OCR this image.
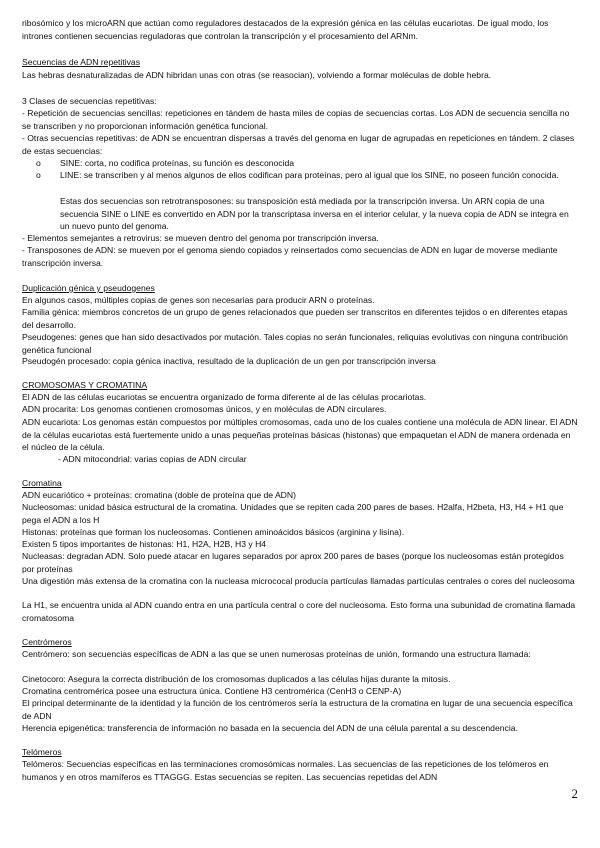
ribosómico y los microARN que actúan como reguladores destacados de la expresión génica en las células eucariotas. De igual modo, los intrones contienen secuencias reguladoras que controlan la transcripción y el procesamiento del ARNm.

Secuencias de ADN repetitivas

Las hebras desnaturalizadas de ADN hibridan unas con otras (se reasocian), volviendo a formar moléculas de doble hebra.

3 Clases de secuencias repetitivas:

- Repetición de secuencias sencillas: repeticiones en tándem de hasta miles de copias de secuencias cortas. Los ADN de secuencia sencilla no se transcriben y no proporcionan información genética funcional.

- Otras secuencias repetitivas: de ADN se encuentran dispersas a través del genoma en lugar de agrupadas en repeticiones en tándem. 2 clases de estas secuencias:

o	SINE: corta, no codifica proteínas, su función es desconocida
o	LINE: se transcriben y al menos algunos de ellos codifican para proteínas, pero al igual que los SINE, no poseen función conocida.

Estas dos secuencias son retrotransposones: su transposición está mediada por la transcripción inversa. Un ARN copia de una secuencia SINE o LINE es convertido en ADN por la transcriptasa inversa en el interior celular, y la nueva copia de ADN se integra en un nuevo punto del genoma.

- Elementos semejantes a retrovirus: se mueven dentro del genoma por transcripción inversa.

- Transposones de ADN: se mueven por el genoma siendo copiados y reinsertados como secuencias de ADN en lugar de moverse mediante transcripción inversa.

Duplicación génica y pseudogenes

En algunos casos, múltiples copias de genes son necesarias para producir ARN o proteínas.

Familia génica: miembros concretos de un grupo de genes relacionados que pueden ser transcritos en diferentes tejidos o en diferentes etapas del desarrollo.

Pseudogenes: genes que han sido desactivados por mutación. Tales copias no serán funcionales, reliquias evolutivas con ninguna contribución genética funcional

Pseudogén procesado: copia génica inactiva, resultado de la duplicación de un gen por transcripción inversa

CROMOSOMAS Y CROMATINA

El ADN de las células eucariotas se encuentra organizado de forma diferente al de las células procariotas.

ADN procarita: Los genomas contienen cromosomas únicos, y en moléculas de ADN circulares.

ADN eucariota: Los genomas están compuestos por múltiples cromosomas, cada uno de los cuales contiene una molécula de ADN linear. El ADN de la células eucariotas está fuertemente unido a unas pequeñas proteínas básicas (histonas) que empaquetan el ADN de manera ordenada en el núcleo de la célula.

- ADN mitocondrial: varias copias de ADN circular

Cromatina

ADN eucariótico + proteínas: cromatina (doble de proteína que de ADN)

Nucleosomas: unidad básica estructural de la cromatina. Unidades que se repiten cada 200 pares de bases. H2alfa, H2beta, H3, H4 + H1 que pega el ADN a los H

Histonas: proteínas que forman los nucleosomas. Contienen aminoácidos básicos (arginina y lisina).

Existen 5 tipos importantes de histonas: H1, H2A, H2B, H3 y H4

Nucleasas: degradan ADN. Solo puede atacar en lugares separados por aprox 200 pares de bases (porque los nucleosomas están protegidos por proteínas

Una digestión más extensa de la cromatina con la nucleasa micrococal producía partículas llamadas partículas centrales o cores del nucleosoma

La H1, se encuentra unida al ADN cuando entra en una partícula central o core del nucleosoma. Esto forma una subunidad de cromatina llamada cromatosoma

Centrómeros

Centrómero: son secuencias específicas de ADN a las que se unen numerosas proteínas de unión, formando una estructura llamada:

Cinetocoro: Asegura la correcta distribución de los cromosomas duplicados a las células hijas durante la mitosis.

Cromatina centromérica posee una estructura única. Contiene H3 centromérica (CenH3 o CENP-A)

El principal determinante de la identidad y la función de los centrómeros sería la estructura de la cromatina en lugar de una secuencia específica de ADN

Herencia epigenética: transferencia de información no basada en la secuencia del ADN de una célula parental a su descendencia.

Telómeros

Telómeros: Secuencias específicas en las terminaciones cromosómicas normales. Las secuencias de las repeticiones de los telómeros en humanos y en otros mamíferos es TTAGGG. Estas secuencias se repiten. Las secuencias repetidas del ADN

2
